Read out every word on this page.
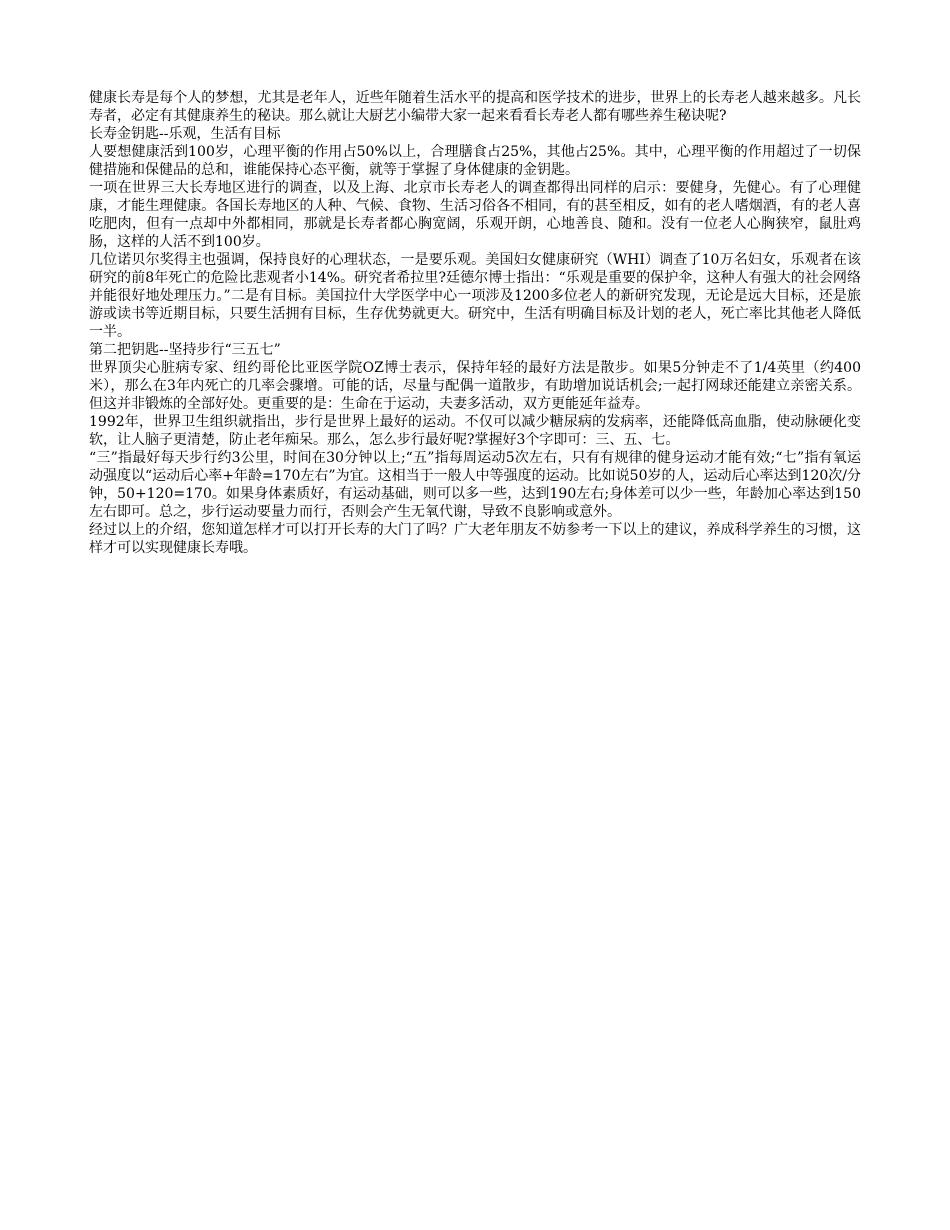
健康长寿是每个人的梦想，尤其是老年人，近些年随着生活水平的提高和医学技术的进步，世界上的长寿老人越来越多。凡长寿者，必定有其健康养生的秘诀。那么就让大厨艺小编带大家一起来看看长寿老人都有哪些养生秘诀呢?

长寿金钥匙--乐观，生活有目标

人要想健康活到100岁，心理平衡的作用占50%以上，合理膳食占25%，其他占25%。其中，心理平衡的作用超过了一切保健措施和保健品的总和，谁能保持心态平衡，就等于掌握了身体健康的金钥匙。

一项在世界三大长寿地区进行的调查，以及上海、北京市长寿老人的调查都得出同样的启示：要健身，先健心。有了心理健康，才能生理健康。各国长寿地区的人种、气候、食物、生活习俗各不相同，有的甚至相反，如有的老人嗜烟酒，有的老人喜吃肥肉，但有一点却中外都相同，那就是长寿者都心胸宽阔，乐观开朗，心地善良、随和。没有一位老人心胸狭窄，鼠肚鸡肠，这样的人活不到100岁。

几位诺贝尔奖得主也强调，保持良好的心理状态，一是要乐观。美国妇女健康研究（WHI）调查了10万名妇女，乐观者在该研究的前8年死亡的危险比悲观者小14%。研究者希拉里?廷德尔博士指出：“乐观是重要的保护伞，这种人有强大的社会网络并能很好地处理压力。”二是有目标。美国拉什大学医学中心一项涉及1200多位老人的新研究发现，无论是远大目标，还是旅游或读书等近期目标，只要生活拥有目标，生存优势就更大。研究中，生活有明确目标及计划的老人，死亡率比其他老人降低一半。

第二把钥匙--坚持步行“三五七”

世界顶尖心脏病专家、纽约哥伦比亚医学院OZ博士表示，保持年轻的最好方法是散步。如果5分钟走不了1/4英里（约400米），那么在3年内死亡的几率会骤增。可能的话，尽量与配偶一道散步，有助增加说话机会;一起打网球还能建立亲密关系。但这并非锻炼的全部好处。更重要的是：生命在于运动，夫妻多活动，双方更能延年益寿。

1992年，世界卫生组织就指出，步行是世界上最好的运动。不仅可以减少糖尿病的发病率，还能降低高血脂，使动脉硬化变软，让人脑子更清楚，防止老年痴呆。那么，怎么步行最好呢?掌握好3个字即可：三、五、七。

“三”指最好每天步行约3公里，时间在30分钟以上;“五”指每周运动5次左右，只有有规律的健身运动才能有效;“七”指有氧运动强度以“运动后心率+年龄=170左右”为宜。这相当于一般人中等强度的运动。比如说50岁的人，运动后心率达到120次/分钟，50+120=170。如果身体素质好，有运动基础，则可以多一些，达到190左右;身体差可以少一些，年龄加心率达到150左右即可。总之，步行运动要量力而行，否则会产生无氧代谢，导致不良影响或意外。

经过以上的介绍，您知道怎样才可以打开长寿的大门了吗？广大老年朋友不妨参考一下以上的建议，养成科学养生的习惯，这样才可以实现健康长寿哦。
